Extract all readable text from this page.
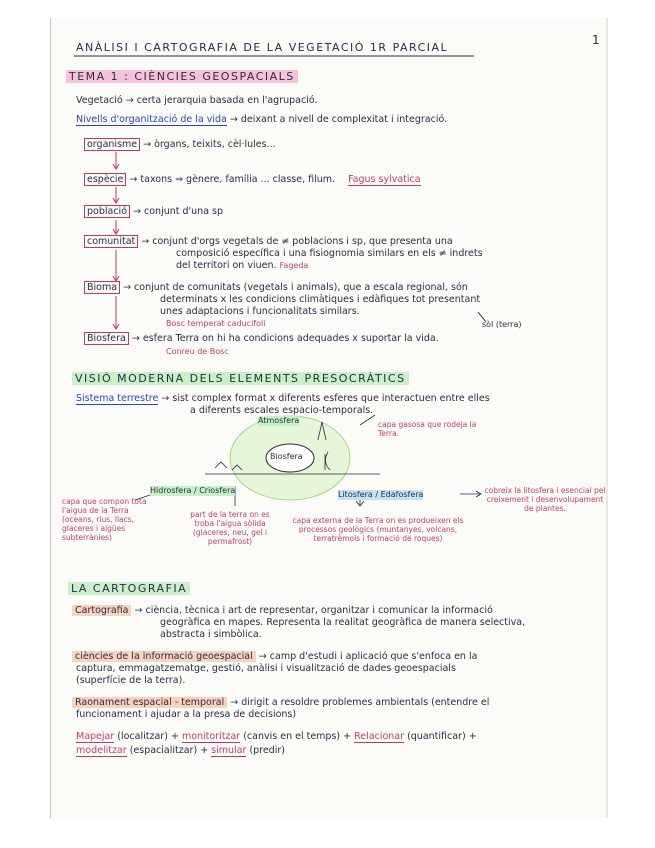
1
ANÀLISI I CARTOGRAFIA DE LA VEGETACIÓ 1R PARCIAL
TEMA 1 : CIÈNCIES GEOSPACIALS
Vegetació → certa jerarquia basada en l'agrupació.
Nivells d'organització de la vida → deixant a nivell de complexitat i integració.
organisme → òrgans, teixits, cèl·lules...
espècie → taxons ⇒ gènere, família ... classe, filum. Fagus sylvatica
població → conjunt d'una sp
comunitat → conjunt d'orgs vegetals de ≠ poblacions i sp, que presenta una
composició específica i una fisiognomia similars en els ≠ indrets
del territori on viuen. Fageda
Bioma → conjunt de comunitats (vegetals i animals), que a escala regional, són
determinats x les condicions climàtiques i edàfiques tot presentant
unes adaptacions i funcionalitats similars.
Bosc temperat caducifoli	sòl (terra)
Biosfera → esfera Terra on hi ha condicions adequades x suportar la vida.
Conreu de Bosc
VISIÓ MODERNA DELS ELEMENTS PRESOCRÀTICS
Sistema terrestre → sist complex format x diferents esferes que interactuen entre elles
a diferents escales espacio-temporals.
Atmosfera	capa gasosa que rodeja la Terra.
Biosfera
Hidrosfera / Criosfera	Litosfera / Edafosfera
capa que compon tota l'aigua de la Terra (oceans, rius, llacs, glaceres i aigües subterrànies)
part de la terra on es troba l'aigua sòlida (glaceres, neu, gel i permafrost)
capa externa de la Terra on es produeixen els processos geològics (muntanyes, volcans, terratrèmols i formació de roques)
cobreix la litosfera i esencial pel creixement i desenvolupament de plantes.
LA CARTOGRAFIA
Cartografia → ciència, tècnica i art de representar, organitzar i comunicar la informació
geogràfica en mapes. Representa la realitat geogràfica de manera selectiva,
abstracta i simbòlica.
ciències de la informació geoespacial → camp d'estudi i aplicació que s'enfoca en la
captura, emmagatzematge, gestió, anàlisi i visualització de dades geoespacials
(superfície de la terra).
Raonament espacial - temporal → dirigit a resoldre problemes ambientals (entendre el
funcionament i ajudar a la presa de decisions)
Mapejar (localitzar) + monitoritzar (canvis en el temps) + Relacionar (quantificar) +
modelitzar (espacialitzar) + simular (predir)
